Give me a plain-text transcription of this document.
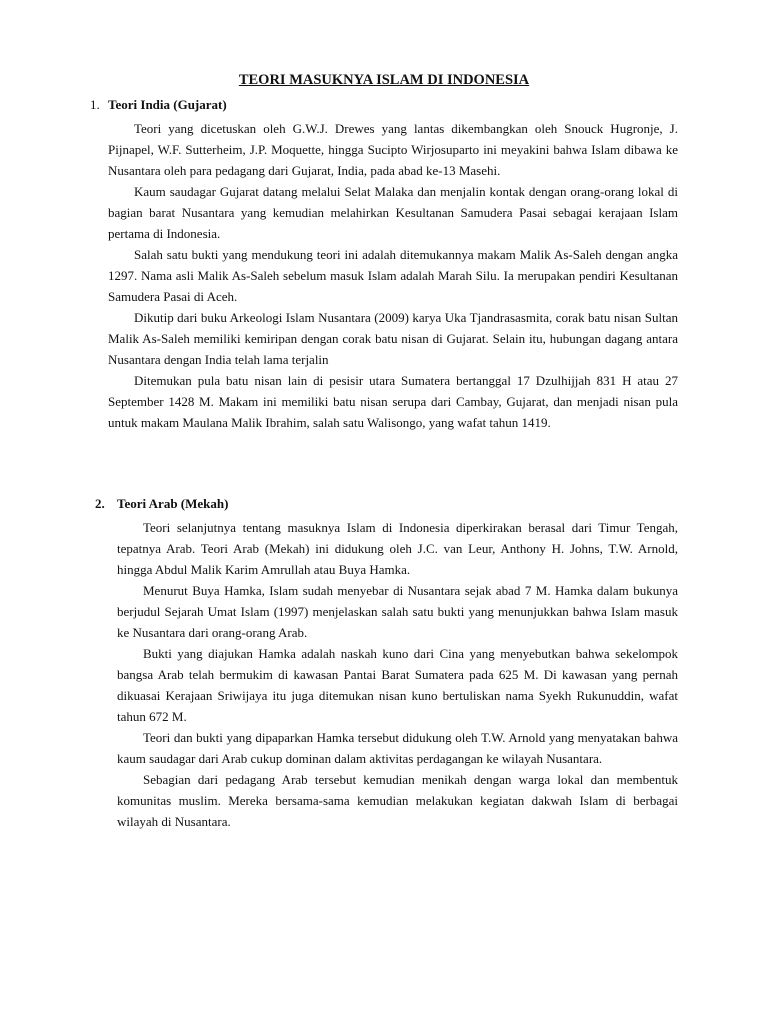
TEORI MASUKNYA ISLAM DI INDONESIA
1. Teori India (Gujarat)

Teori yang dicetuskan oleh G.W.J. Drewes yang lantas dikembangkan oleh Snouck Hugronje, J. Pijnapel, W.F. Sutterheim, J.P. Moquette, hingga Sucipto Wirjosuparto ini meyakini bahwa Islam dibawa ke Nusantara oleh para pedagang dari Gujarat, India, pada abad ke-13 Masehi.

Kaum saudagar Gujarat datang melalui Selat Malaka dan menjalin kontak dengan orang-orang lokal di bagian barat Nusantara yang kemudian melahirkan Kesultanan Samudera Pasai sebagai kerajaan Islam pertama di Indonesia.

Salah satu bukti yang mendukung teori ini adalah ditemukannya makam Malik As-Saleh dengan angka 1297. Nama asli Malik As-Saleh sebelum masuk Islam adalah Marah Silu. Ia merupakan pendiri Kesultanan Samudera Pasai di Aceh.

Dikutip dari buku Arkeologi Islam Nusantara (2009) karya Uka Tjandrasasmita, corak batu nisan Sultan Malik As-Saleh memiliki kemiripan dengan corak batu nisan di Gujarat. Selain itu, hubungan dagang antara Nusantara dengan India telah lama terjalin

Ditemukan pula batu nisan lain di pesisir utara Sumatera bertanggal 17 Dzulhijjah 831 H atau 27 September 1428 M. Makam ini memiliki batu nisan serupa dari Cambay, Gujarat, dan menjadi nisan pula untuk makam Maulana Malik Ibrahim, salah satu Walisongo, yang wafat tahun 1419.

2. Teori Arab (Mekah)

Teori selanjutnya tentang masuknya Islam di Indonesia diperkirakan berasal dari Timur Tengah, tepatnya Arab. Teori Arab (Mekah) ini didukung oleh J.C. van Leur, Anthony H. Johns, T.W. Arnold, hingga Abdul Malik Karim Amrullah atau Buya Hamka.

Menurut Buya Hamka, Islam sudah menyebar di Nusantara sejak abad 7 M. Hamka dalam bukunya berjudul Sejarah Umat Islam (1997) menjelaskan salah satu bukti yang menunjukkan bahwa Islam masuk ke Nusantara dari orang-orang Arab.

Bukti yang diajukan Hamka adalah naskah kuno dari Cina yang menyebutkan bahwa sekelompok bangsa Arab telah bermukim di kawasan Pantai Barat Sumatera pada 625 M. Di kawasan yang pernah dikuasai Kerajaan Sriwijaya itu juga ditemukan nisan kuno bertuliskan nama Syekh Rukunuddin, wafat tahun 672 M.

Teori dan bukti yang dipaparkan Hamka tersebut didukung oleh T.W. Arnold yang menyatakan bahwa kaum saudagar dari Arab cukup dominan dalam aktivitas perdagangan ke wilayah Nusantara.

Sebagian dari pedagang Arab tersebut kemudian menikah dengan warga lokal dan membentuk komunitas muslim. Mereka bersama-sama kemudian melakukan kegiatan dakwah Islam di berbagai wilayah di Nusantara.
